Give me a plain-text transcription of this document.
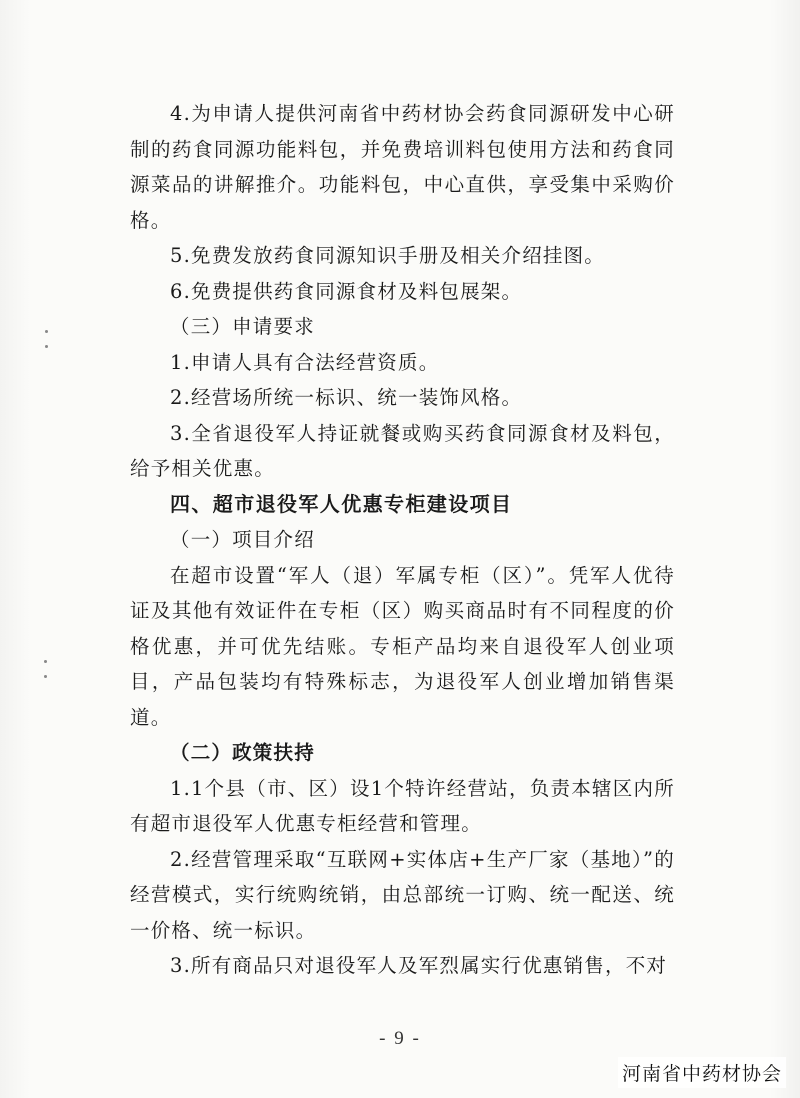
4.为申请人提供河南省中药材协会药食同源研发中心研制的药食同源功能料包，并免费培训料包使用方法和药食同源菜品的讲解推介。功能料包，中心直供，享受集中采购价格。

5.免费发放药食同源知识手册及相关介绍挂图。

6.免费提供药食同源食材及料包展架。

（三）申请要求

1.申请人具有合法经营资质。

2.经营场所统一标识、统一装饰风格。

3.全省退役军人持证就餐或购买药食同源食材及料包，给予相关优惠。

四、超市退役军人优惠专柜建设项目

（一）项目介绍

在超市设置“军人（退）军属专柜（区）”。凭军人优待证及其他有效证件在专柜（区）购买商品时有不同程度的价格优惠，并可优先结账。专柜产品均来自退役军人创业项目，产品包装均有特殊标志，为退役军人创业增加销售渠道。

（二）政策扶持

1.1个县（市、区）设1个特许经营站，负责本辖区内所有超市退役军人优惠专柜经营和管理。

2.经营管理采取“互联网+实体店+生产厂家（基地）”的经营模式，实行统购统销，由总部统一订购、统一配送、统一价格、统一标识。

3.所有商品只对退役军人及军烈属实行优惠销售，不对

- 9 -
河南省中药材协会
